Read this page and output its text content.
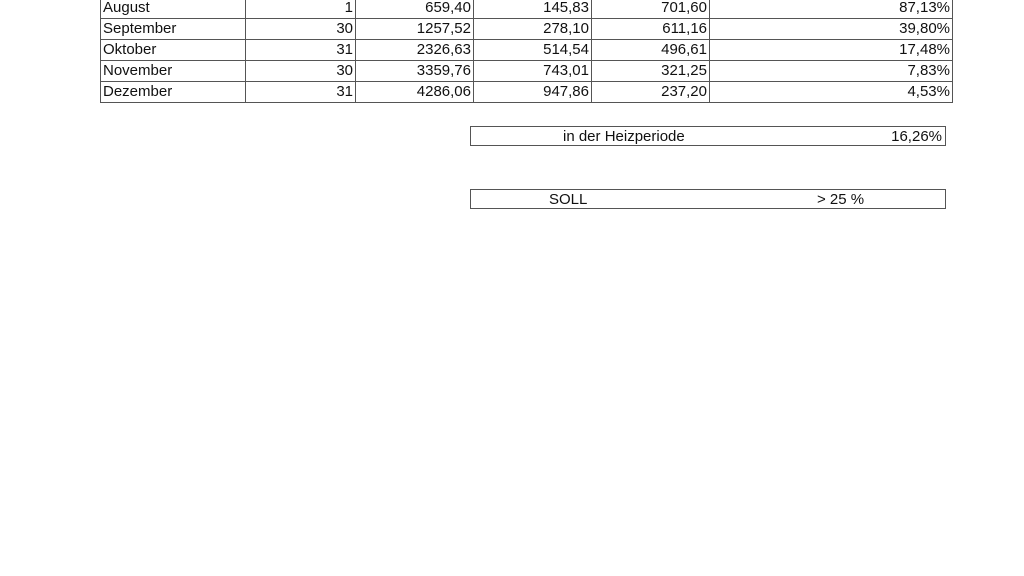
August	1	659,40	145,83	701,60	87,13%
September	30	1257,52	278,10	611,16	39,80%
Oktober	31	2326,63	514,54	496,61	17,48%
November	30	3359,76	743,01	321,25	7,83%
Dezember	31	4286,06	947,86	237,20	4,53%
in der Heizperiode	16,26%
SOLL	> 25 %
